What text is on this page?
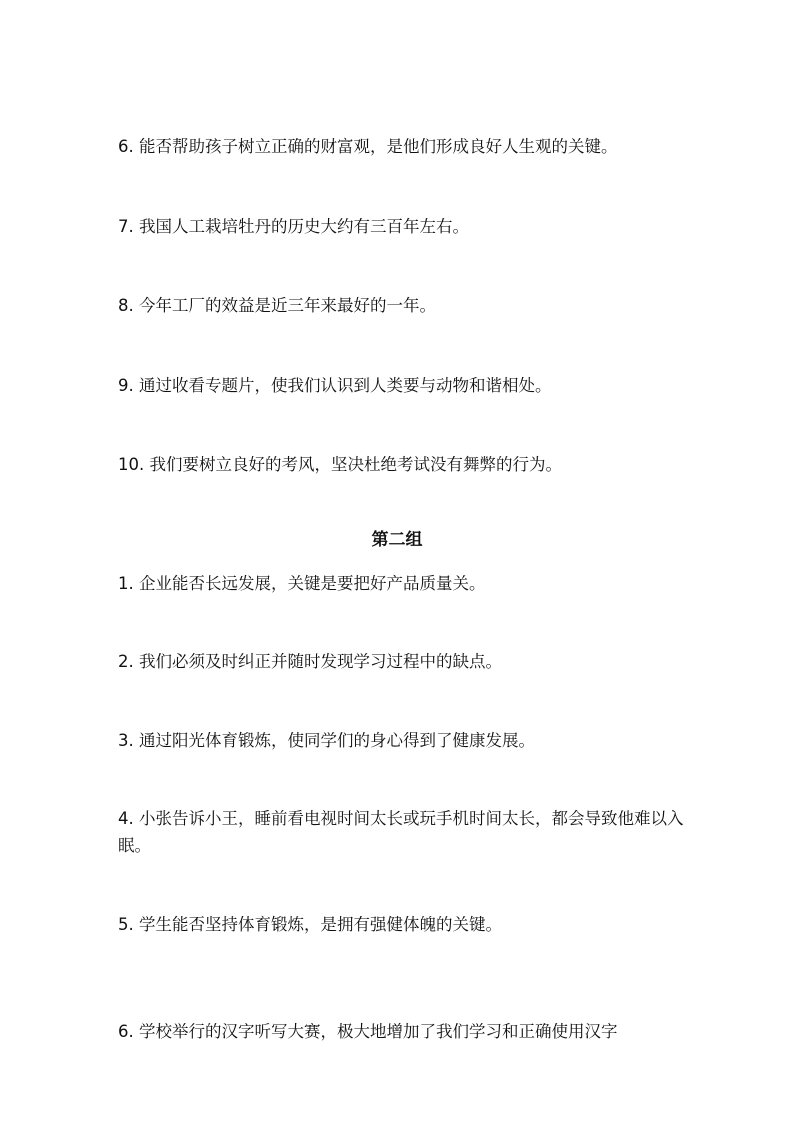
6. 能否帮助孩子树立正确的财富观，是他们形成良好人生观的关键。
7. 我国人工栽培牡丹的历史大约有三百年左右。
8. 今年工厂的效益是近三年来最好的一年。
9. 通过收看专题片，使我们认识到人类要与动物和谐相处。
10. 我们要树立良好的考风，坚决杜绝考试没有舞弊的行为。
第二组
1. 企业能否长远发展，关键是要把好产品质量关。
2. 我们必须及时纠正并随时发现学习过程中的缺点。
3. 通过阳光体育锻炼，使同学们的身心得到了健康发展。
4. 小张告诉小王，睡前看电视时间太长或玩手机时间太长，都会导致他难以入眠。
5. 学生能否坚持体育锻炼，是拥有强健体魄的关键。
6. 学校举行的汉字听写大赛，极大地增加了我们学习和正确使用汉字
